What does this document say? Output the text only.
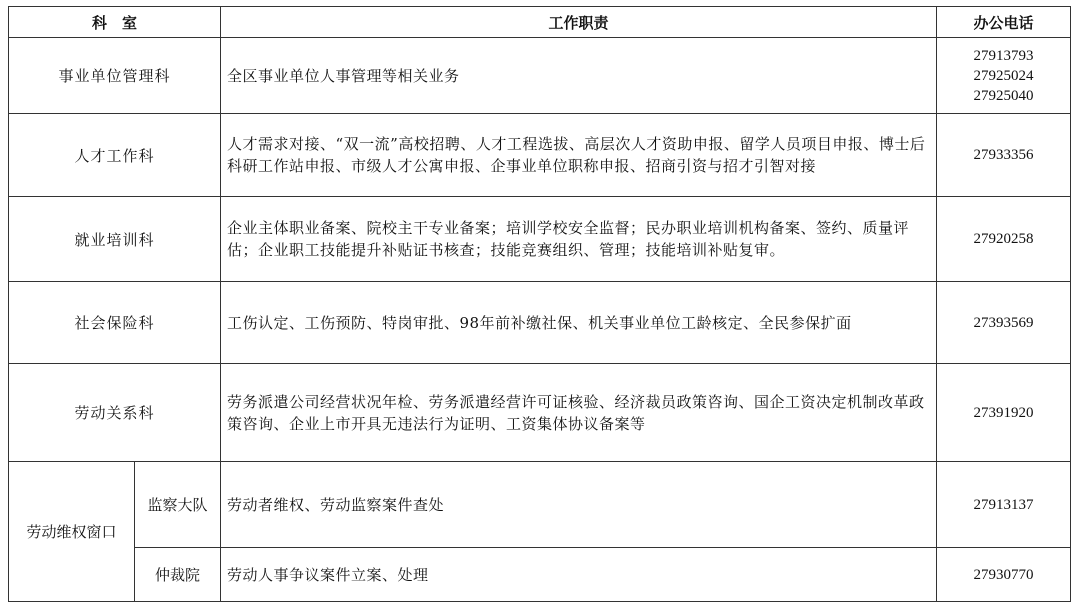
科　室		工作职责	办公电话
事业单位管理科		全区事业单位人事管理等相关业务	27913793
27925024
27925040

人才工作科		人才需求对接、“双一流”高校招聘、人才工程选拔、高层次人才资助申报、留学人员项目申报、博士后科研工作站申报、市级人才公寓申报、企事业单位职称申报、招商引资与招才引智对接	27933356

就业培训科		企业主体职业备案、院校主干专业备案；培训学校安全监督；民办职业培训机构备案、签约、质量评估；企业职工技能提升补贴证书核查；技能竞赛组织、管理；技能培训补贴复审。	27920258

社会保险科		工伤认定、工伤预防、特岗审批、98年前补缴社保、机关事业单位工龄核定、全民参保扩面	27393569

劳动关系科		劳务派遣公司经营状况年检、劳务派遣经营许可证核验、经济裁员政策咨询、国企工资决定机制改革政策咨询、企业上市开具无违法行为证明、工资集体协议备案等	27391920

劳动维权窗口	监察大队	劳动者维权、劳动监察案件查处	27913137

	仲裁院	劳动人事争议案件立案、处理	27930770
